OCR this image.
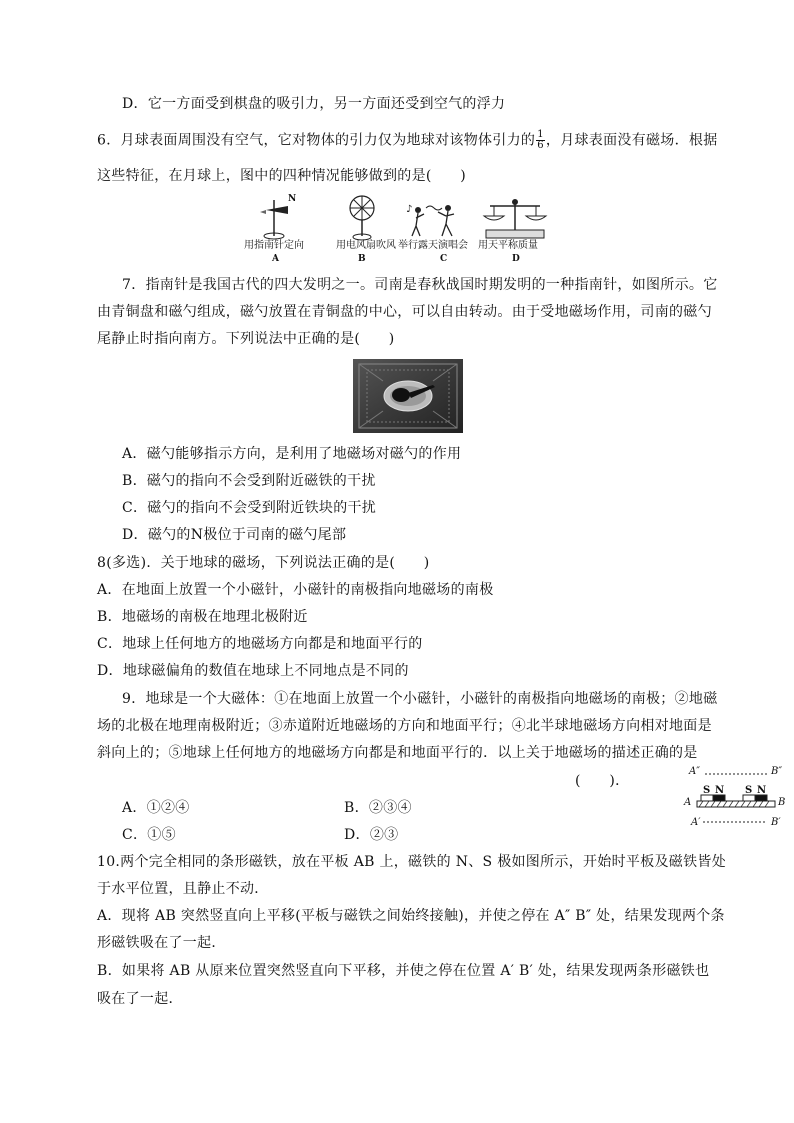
D．它一方面受到棋盘的吸引力，另一方面还受到空气的浮力
6．月球表面周围没有空气，它对物体的引力仅为地球对该物体引力的 $\frac{1}{6}$ ，月球表面没有磁场．根据
这些特征，在月球上，图中的四种情况能够做到的是(　　)
N
♪
用指南针定向	用电风扇吹风 举行露天演唱会 用天平称质量
A	B	C	D
7．指南针是我国古代的四大发明之一。司南是春秋战国时期发明的一种指南针，如图所示。它
由青铜盘和磁勺组成，磁勺放置在青铜盘的中心，可以自由转动。由于受地磁场作用，司南的磁勺
尾静止时指向南方。下列说法中正确的是(　　)
A．磁勺能够指示方向，是利用了地磁场对磁勺的作用
B．磁勺的指向不会受到附近磁铁的干扰
C．磁勺的指向不会受到附近铁块的干扰
D．磁勺的N极位于司南的磁勺尾部
8(多选)．关于地球的磁场，下列说法正确的是(　　)
A．在地面上放置一个小磁针，小磁针的南极指向地磁场的南极
B．地磁场的南极在地理北极附近
C．地球上任何地方的地磁场方向都是和地面平行的
D．地球磁偏角的数值在地球上不同地点是不同的
9．地球是一个大磁体：①在地面上放置一个小磁针，小磁针的南极指向地磁场的南极；②地磁
场的北极在地理南极附近；③赤道附近地磁场的方向和地面平行；④北半球地磁场方向相对地面是
斜向上的；⑤地球上任何地方的地磁场方向都是和地面平行的．以上关于地磁场的描述正确的是
(　　)．
A．①②④	B．②③④
C．①⑤	D．②③
A″	B″
S N S N
A	B
A′	B′
10.两个完全相同的条形磁铁，放在平板 AB 上，磁铁的 N、S 极如图所示，开始时平板及磁铁皆处
于水平位置，且静止不动．
A．现将 AB 突然竖直向上平移(平板与磁铁之间始终接触)，并使之停在 A″ B″ 处，结果发现两个条
形磁铁吸在了一起．
B．如果将 AB 从原来位置突然竖直向下平移，并使之停在位置 A′ B′ 处，结果发现两条形磁铁也
吸在了一起．
